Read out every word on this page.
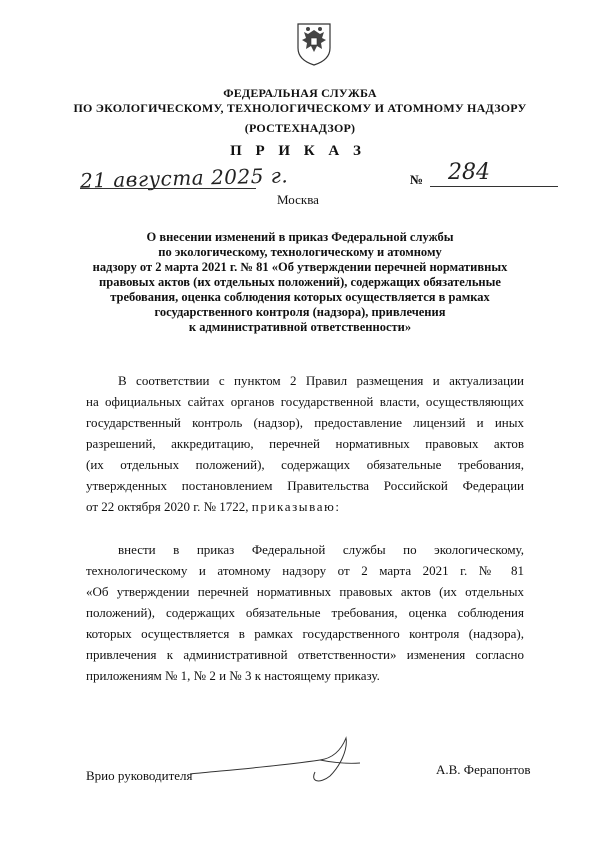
ФЕДЕРАЛЬНАЯ СЛУЖБА
ПО ЭКОЛОГИЧЕСКОМУ, ТЕХНОЛОГИЧЕСКОМУ И АТОМНОМУ НАДЗОРУ
(РОСТЕХНАДЗОР)
П Р И К А З
21 августа 2025 г.
Москва
№ 284
О внесении изменений в приказ Федеральной службы
по экологическому, технологическому и атомному
надзору от 2 марта 2021 г. № 81 «Об утверждении перечней нормативных
правовых актов (их отдельных положений), содержащих обязательные
требования, оценка соблюдения которых осуществляется в рамках
государственного контроля (надзора), привлечения
к административной ответственности»
В соответствии с пунктом 2 Правил размещения и актуализации
на официальных сайтах органов государственной власти, осуществляющих
государственный контроль (надзор), предоставление лицензий и иных
разрешений, аккредитацию, перечней нормативных правовых актов
(их отдельных положений), содержащих обязательные требования,
утвержденных постановлением Правительства Российской Федерации
от 22 октября 2020 г. № 1722, приказываю:
внести в приказ Федеральной службы по экологическому,
технологическому и атомному надзору от 2 марта 2021 г. № 81
«Об утверждении перечней нормативных правовых актов (их отдельных
положений), содержащих обязательные требования, оценка соблюдения
которых осуществляется в рамках государственного контроля (надзора),
привлечения к административной ответственности» изменения согласно
приложениям № 1, № 2 и № 3 к настоящему приказу.
Врио руководителя	А.В. Ферапонтов
